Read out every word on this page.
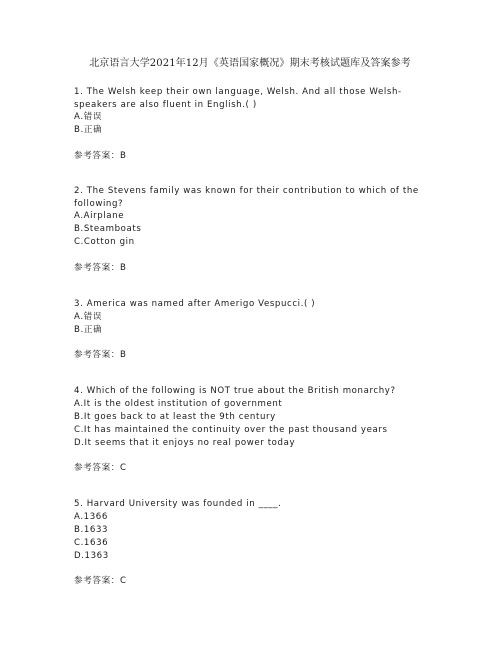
北京语言大学2021年12月《英语国家概况》期末考核试题库及答案参考
1. The Welsh keep their own language, Welsh. And all those Welsh-speakers are also fluent in English.( )
A.错误
B.正确
参考答案：B
2. The Stevens family was known for their contribution to which of the following?
A.Airplane
B.Steamboats
C.Cotton gin
参考答案：B
3. America was named after Amerigo Vespucci.( )
A.错误
B.正确
参考答案：B
4. Which of the following is NOT true about the British monarchy?
A.It is the oldest institution of government
B.It goes back to at least the 9th century
C.It has maintained the continuity over the past thousand years
D.It seems that it enjoys no real power today
参考答案：C
5. Harvard University was founded in ____.
A.1366
B.1633
C.1636
D.1363
参考答案：C
